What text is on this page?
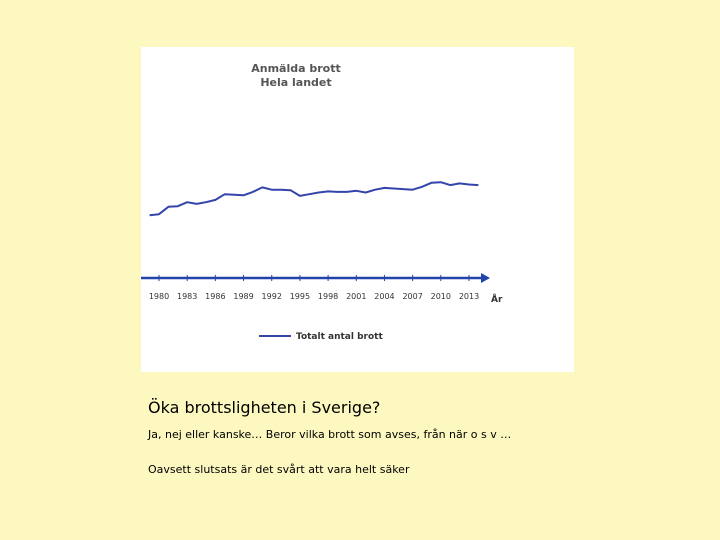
Anmälda brott
Hela landet
1980 1983 1986 1989 1992 1995 1998 2001 2004 2007 2010 2013 År
Totalt antal brott

Öka brottsligheten i Sverige?

Ja, nej eller kanske… Beror vilka brott som avses, från när o s v …

Oavsett slutsats är det svårt att vara helt säker
